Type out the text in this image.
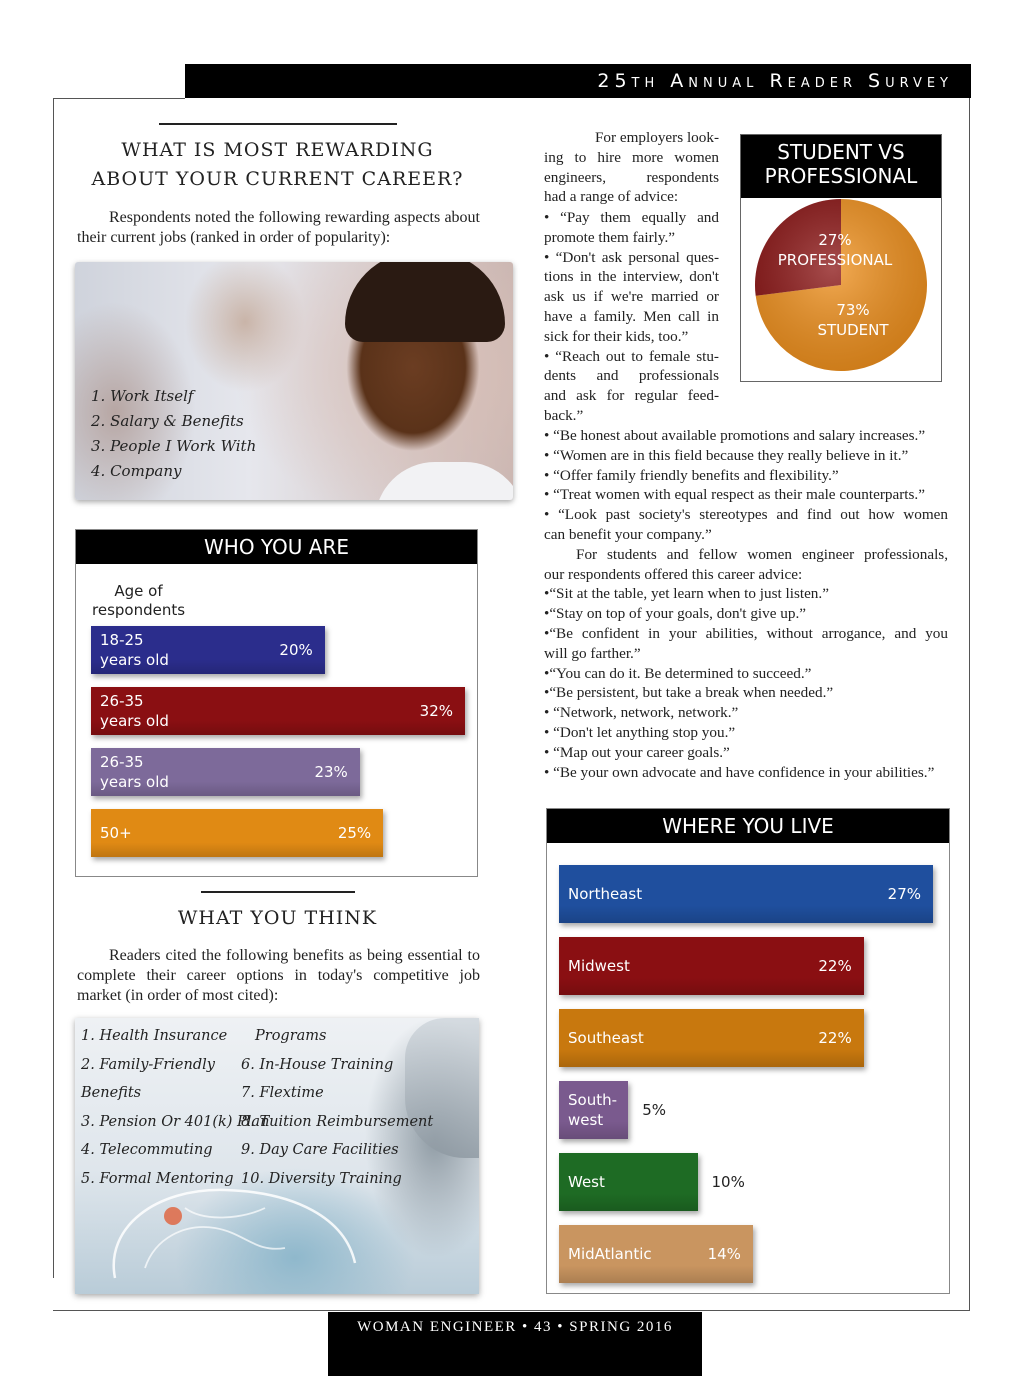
25th Annual Reader Survey
WHAT IS MOST REWARDING
ABOUT YOUR CURRENT CAREER?
Respondents noted the following rewarding aspects about their current jobs (ranked in order of popularity):
1. Work Itself
2. Salary & Benefits
3. People I Work With
4. Company
WHO YOU ARE
Age of
respondents
18-25
years old
20%
26-35
years old
32%
26-35
years old
23%
50+	25%
For employers look-
ing to hire more women
engineers, respondents
had a range of advice:
• “Pay them equally and
promote them fairly.”
• “Don't ask personal ques-
tions in the interview, don't
ask us if we're married or
have a family. Men call in
sick for their kids, too.”
• “Reach out to female stu-
dents and professionals
and ask for regular feed-
back.”
• “Be honest about available promotions and salary increases.”
• “Women are in this field because they really believe in it.”
• “Offer family friendly benefits and flexibility.”
• “Treat women with equal respect as their male counterparts.”
• “Look past society's stereotypes and find out how women
can benefit your company.”
For students and fellow women engineer professionals,
our respondents offered this career advice:
•“Sit at the table, yet learn when to just listen.”
•“Stay on top of your goals, don't give up.”
•“Be confident in your abilities, without arrogance, and you
will go farther.”
•“You can do it. Be determined to succeed.”
•“Be persistent, but take a break when needed.”
• “Network, network, network.”
• “Don't let anything stop you.”
• “Map out your career goals.”
• “Be your own advocate and have confidence in your abilities.”
STUDENT VS
PROFESSIONAL
27%
PROFESSIONAL
73%
STUDENT
WHERE YOU LIVE
Northeast	27%
Midwest	22%
Southeast	22%
South-
west
5%
West	10%
MidAtlantic	14%
WHAT YOU THINK
Readers cited the following benefits as being essential to complete their career options in today's competitive job market (in order of most cited):
1. Health Insurance
2. Family-Friendly
Benefits
3. Pension Or 401(k) Plan
4. Telecommuting
5. Formal Mentoring
Programs
6. In-House Training
7. Flextime
8. Tuition Reimbursement
9. Day Care Facilities
10. Diversity Training
WOMAN ENGINEER • 43 • SPRING 2016
